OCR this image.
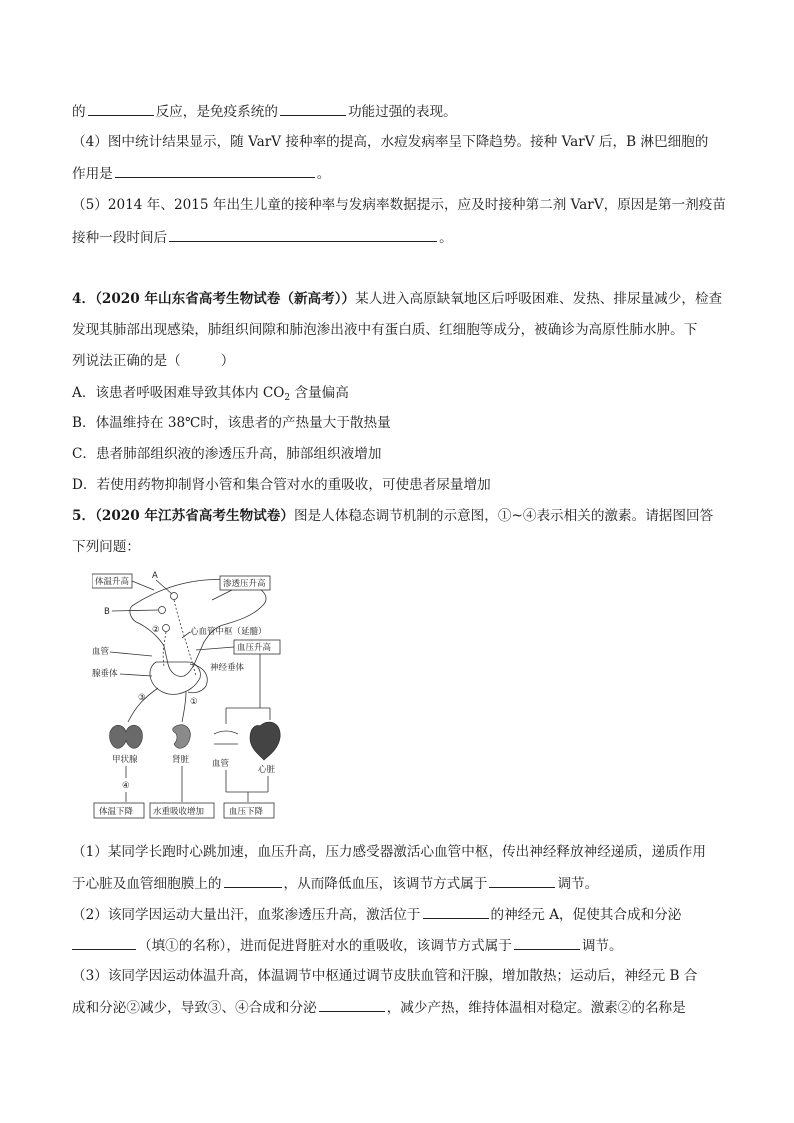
的	反应，是免疫系统的	功能过强的表现。
（4）图中统计结果显示，随 VarV 接种率的提高，水痘发病率呈下降趋势。接种 VarV 后，B 淋巴细胞的
作用是	。
（5）2014 年、2015 年出生儿童的接种率与发病率数据提示，应及时接种第二剂 VarV，原因是第一剂疫苗
接种一段时间后	。
4．（2020 年山东省高考生物试卷（新高考））某人进入高原缺氧地区后呼吸困难、发热、排尿量减少，检查
发现其肺部出现感染，肺组织间隙和肺泡渗出液中有蛋白质、红细胞等成分，被确诊为高原性肺水肿。下
列说法正确的是（	）
A．该患者呼吸困难导致其体内 $CO_2$ 含量偏高
B．体温维持在 38℃时，该患者的产热量大于散热量
C．患者肺部组织液的渗透压升高，肺部组织液增加
D．若使用药物抑制肾小管和集合管对水的重吸收，可使患者尿量增加
5．（2020 年江苏省高考生物试卷）图是人体稳态调节机制的示意图，①~④表示相关的激素。请据图回答
下列问题：
体温升高
A
B
渗透压升高
②	心血管中枢（延髓）
血管	血压升高
腺垂体
神经垂体
③	①
甲状腺	肾脏	血管
心脏
④
体温下降 水重吸收增加	血压下降
（1）某同学长跑时心跳加速，血压升高，压力感受器激活心血管中枢，传出神经释放神经递质，递质作用
于心脏及血管细胞膜上的	，从而降低血压，该调节方式属于	调节。
（2）该同学因运动大量出汗，血浆渗透压升高，激活位于	的神经元 A，促使其合成和分泌
（填①的名称），进而促进肾脏对水的重吸收，该调节方式属于	调节。
（3）该同学因运动体温升高，体温调节中枢通过调节皮肤血管和汗腺，增加散热；运动后，神经元 B 合
成和分泌②减少，导致③、④合成和分泌	，减少产热，维持体温相对稳定。激素②的名称是
